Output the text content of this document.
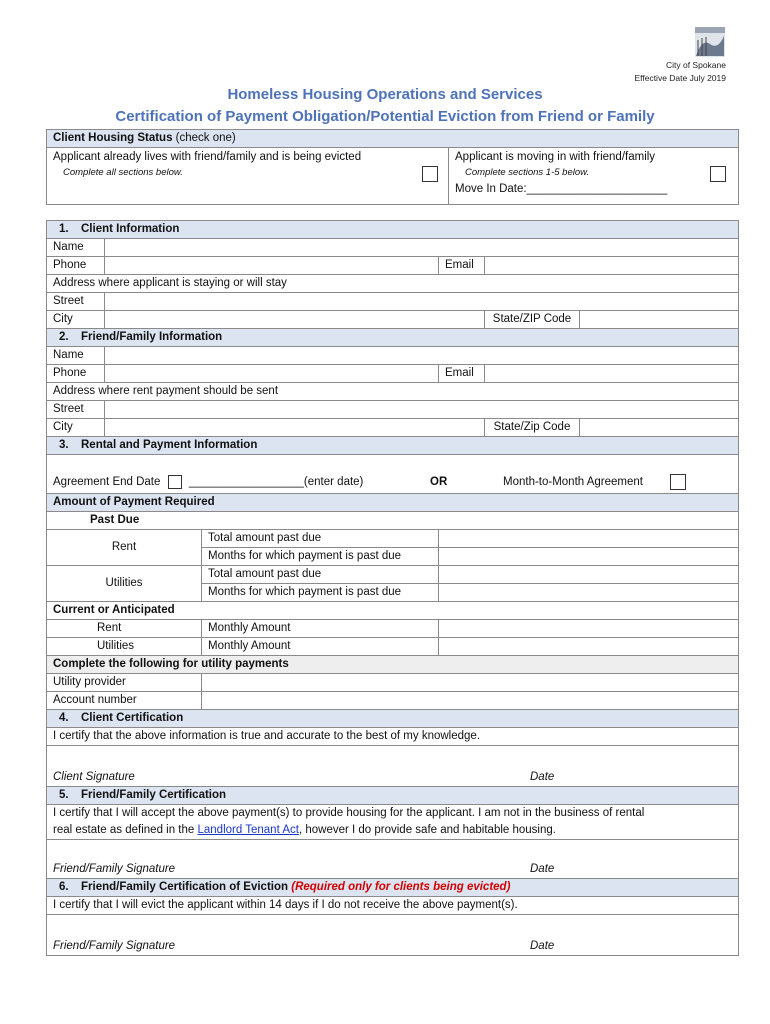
City of Spokane
Effective Date July 2019
Homeless Housing Operations and Services
Certification of Payment Obligation/Potential Eviction from Friend or Family
Client Housing Status (check one)

Applicant already lives with friend/family and is being evicted
Complete all sections below.

Applicant is moving in with friend/family
Complete sections 1-5 below.
Move In Date:______________________
1. Client Information					
Name					
Phone			Email		
Address where applicant is staying or will stay					
Street					
City				State/ZIP Code	
2. Friend/Family Information					
Name					
Phone			Email		
Address where rent payment should be sent					
Street					
City				State/Zip Code	
3. Rental and Payment Information					
Agreement End Date __________________(enter date) OR Month-to-Month Agreement					

Amount of Payment Required					
Past Due					
Rent		Total amount past due			
		Months for which payment is past due			
Utilities		Total amount past due			
		Months for which payment is past due			
Current or Anticipated					
Rent		Monthly Amount			
Utilities		Monthly Amount			
Complete the following for utility payments					
Utility provider					
Account number					
4. Client Certification					
I certify that the above information is true and accurate to the best of my knowledge.					
Client Signature Date					

5. Friend/Family Certification					

I certify that I will accept the above payment(s) to provide housing for the applicant. I am not in the business of rental
real estate as defined in the Landlord Tenant Act, however I do provide safe and habitable housing.					

Friend/Family Signature Date					

6. Friend/Family Certification of Eviction (Required only for clients being evicted)					
I certify that I will evict the applicant within 14 days if I do not receive the above payment(s).					
Friend/Family Signature Date					
